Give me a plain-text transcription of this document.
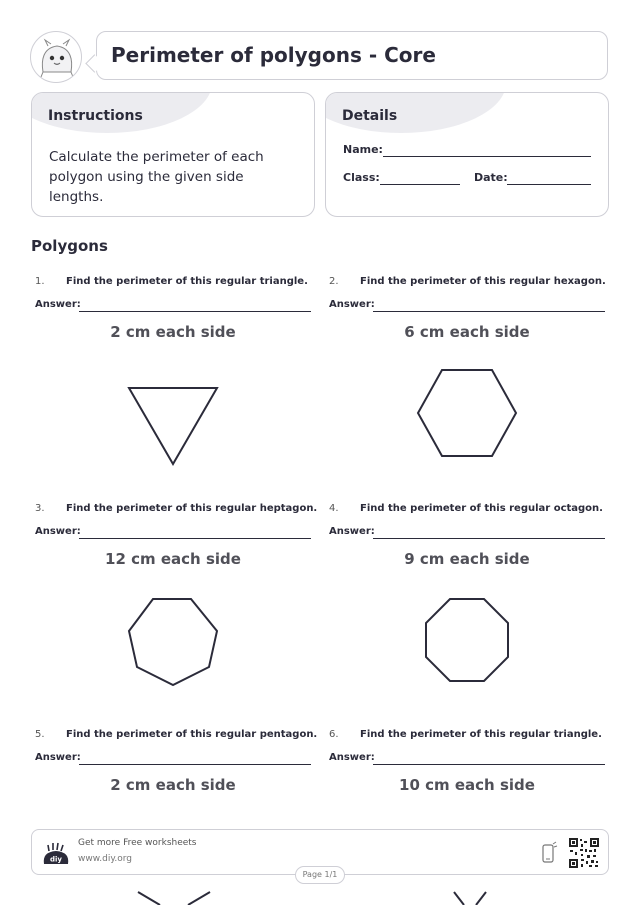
Perimeter of polygons - Core
Instructions
Calculate the perimeter of each polygon using the given side lengths.
Details
Name:
Class:	Date:
Polygons
1. Find the perimeter of this regular triangle.
Answer:
2 cm each side
2. Find the perimeter of this regular hexagon.
Answer:
6 cm each side
3. Find the perimeter of this regular heptagon.
Answer:
12 cm each side
4. Find the perimeter of this regular octagon.
Answer:
9 cm each side
5. Find the perimeter of this regular pentagon.
Answer:
2 cm each side
6. Find the perimeter of this regular triangle.
Answer:
10 cm each side
diy
Get more Free worksheets
www.diy.org
Page 1/1
